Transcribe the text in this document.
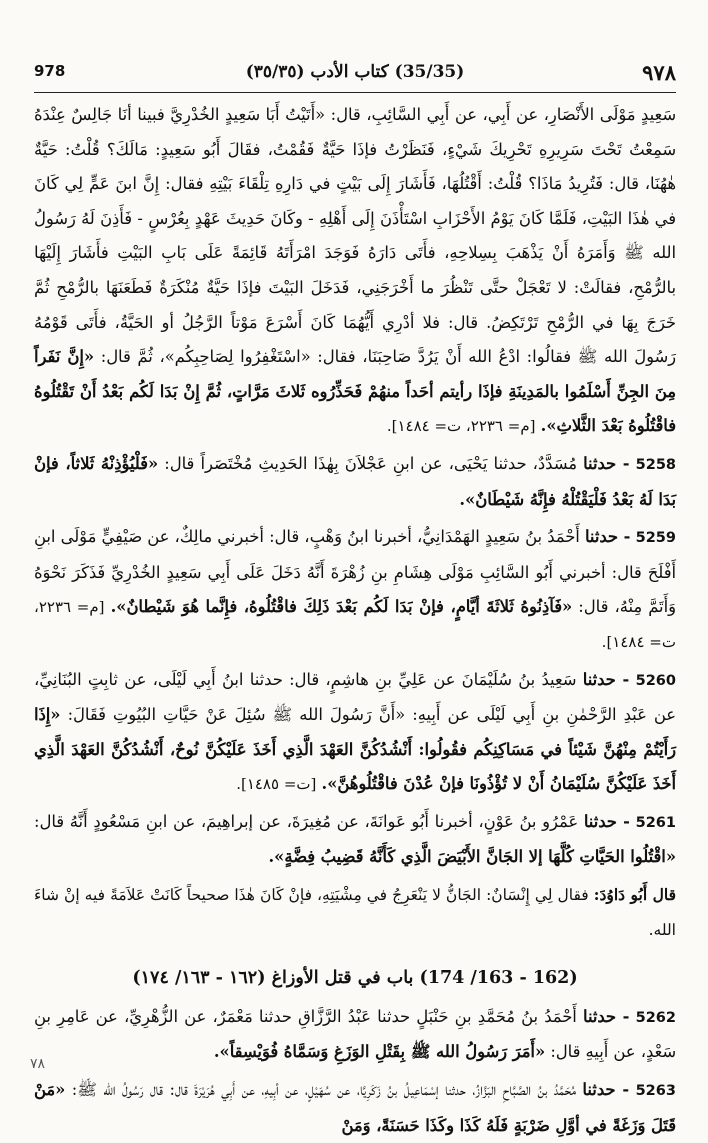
٩٧٨
(35/35) كتاب الأدب (٣٥/٣٥)
978

سَعِيدٍ مَوْلَى الأَنْصَارِ، عن أَبِي، عن أَبِي السَّائِبِ، قال: «أَتَيْتُ أَبَا سَعِيدٍ الخُدْرِيَّ فبينا أنَا جَالِسٌ عِنْدَهُ سَمِعْتُ تَحْتَ سَرِيرِهِ تَحْرِيكَ شَيْءٍ، فَنَظَرْتُ فإذَا حَيَّةٌ فَقُمْتُ، فقَالَ أَبُو سَعِيدٍ: مَالَكَ؟ قُلْتُ: حَيَّةٌ هٰهُنَا، قال: فَتُرِيدُ مَاذَا؟ قُلْتُ: أَقْتُلُهَا، فَأَشَارَ إِلَى بَيْتٍ في دَارِهِ تِلْقَاءَ بَيْتِهِ فقال: إِنَّ ابنَ عَمٍّ لِي كَانَ في هٰذَا البَيْتِ، فَلَمَّا كَانَ يَوْمُ الأَحْزَابِ اسْتَأْذَنَ إِلَى أَهْلِهِ - وكَانَ حَدِيثَ عَهْدٍ بِعُرْسٍ - فَأَذِنَ لَهُ رَسُولُ الله ﷺ وَأَمَرَهُ أَنْ يَذْهَبَ بِسِلاحِهِ، فأَتَى دَارَهُ فَوَجَدَ امْرَأَتَهُ قَائِمَةً عَلَى بَابِ البَيْتِ فأَشَارَ إِلَيْهَا بالرُّمْحِ، فقالَتْ: لا تَعْجَلْ حتَّى تَنْظُرَ ما أَخْرَجَنِي، فَدَخَلَ البَيْتَ فإذَا حَيَّةٌ مُنْكَرَةٌ فَطَعَنَهَا بالرُّمْحِ ثُمَّ خَرَجَ بِهَا في الرُّمْحِ تَرْتَكِضُ. قال: فلا أدْرِي أَيُّهُمَا كَانَ أَسْرَعَ مَوْتاً الرَّجُلُ أو الحَيَّةُ، فأَتَى قَوْمُهُ رَسُولَ الله ﷺ فقالُوا: ادْعُ الله أَنْ يَرُدَّ صَاحِبَنَا، فقال: «اسْتَغْفِرُوا لِصَاحِبِكُم»، ثُمَّ قال: «إِنَّ نَفَراً مِنَ الجِنِّ أَسْلَمُوا بالمَدِينَةِ فإذَا رأيتم أحَداً منهُمْ فَحَذِّرُوه ثَلاثَ مَرَّاتٍ، ثُمَّ إِنْ بَدَا لَكُم بَعْدُ أَنْ تَقْتُلُوهُ فاقْتُلُوهُ بَعْدَ الثَّلاثِ». [م= ٢٢٣٦، ت= ١٤٨٤].

5258 - حدثنا مُسَدَّدٌ، حدثنا يَحْيَى، عن ابنِ عَجْلاَنَ بِهٰذَا الحَدِيثِ مُخْتَصَراً قال: «فَلْيُؤْذِنْهُ ثَلاثاً، فإنْ بَدَا لَهُ بَعْدُ فَلْيَقْتُلْهُ فإِنَّهُ شَيْطَانٌ».

5259 - حدثنا أَحْمَدُ بنُ سَعِيدٍ الهَمْدَانِيُّ، أخبرنا ابنُ وَهْبٍ، قال: أخبرني مالِكٌ، عن صَيْفِيٍّ مَوْلَى ابنِ أَفْلَحَ قال: أخبرني أَبُو السَّائِبِ مَوْلَى هِشَامِ بنِ زُهْرَةَ أَنَّهُ دَخَلَ عَلَى أَبِي سَعِيدٍ الخُدْرِيِّ فَذَكَرَ نَحْوَهُ وَأَتَمَّ مِنْهُ، قال: «فَآذِنُوهُ ثَلاثَةَ أيَّامٍ، فإنْ بَدَا لَكُم بَعْدَ ذَلِكَ فاقْتُلُوهُ، فإِنَّما هُوَ شَيْطانٌ». [م= ٢٢٣٦، ت= ١٤٨٤].

5260 - حدثنا سَعِيدُ بنُ سُلَيْمَانَ عن عَلِيِّ بنِ هاشِمٍ، قال: حدثنا ابنُ أَبِي لَيْلَى، عن ثابِتٍ البُنَانِيِّ، عن عَبْدِ الرَّحْمٰنِ بنِ أَبِي لَيْلَى عن أَبِيهِ: «أَنَّ رَسُولَ الله ﷺ سُئِلَ عَنْ حَيَّاتِ البُيُوتِ فَقَالَ: «إِذَا رَأَيْتُمْ مِنْهُنَّ شَيْئاً في مَسَاكِنِكُم فقُولُوا: أَنْشُدُكُنَّ العَهْدَ الَّذِي أَخَذَ عَلَيْكُنَّ نُوحٌ، أَنْشُدُكُنَّ العَهْدَ الَّذِي أَخَذَ عَلَيْكُنَّ سُلَيْمَانُ أَنْ لا تُؤْذُونَا فإنْ عُدْنَ فاقْتُلُوهُنَّ». [ت= ١٤٨٥].

5261 - حدثنا عَمْرُو بنُ عَوْنٍ، أخبرنا أَبُو عَوانَةَ، عن مُغِيرَةَ، عن إبراهِيمَ، عن ابنِ مَسْعُودٍ أَنَّهُ قال: «اقْتُلُوا الحَيَّاتِ كُلَّهَا إلا الجَانَّ الأَبْيَضَ الَّذِي كَأَنَّهُ قَضِيبُ فِضَّةٍ».

قال أَبُو دَاوُدَ: فقال لِي إِنْسَانٌ: الجَانُّ لا يَنْعَرِجُ في مِشْيَتِهِ، فإنْ كَانَ هٰذَا صحيحاً كَانَتْ عَلاَمَةً فيه إنْ شاءَ الله.

(162 - 163/ 174) باب في قتل الأوزاغ (١٦٢ - ١٦٣/ ١٧٤)

5262 - حدثنا أَحْمَدُ بنُ مُحَمَّدِ بنِ حَنْبَلٍ حدثنا عَبْدُ الرَّزَّاقِ حدثنا مَعْمَرٌ، عن الزُّهْرِيِّ، عن عَامِرِ بنِ سَعْدٍ، عن أَبِيهِ قال: «أَمَرَ رَسُولُ الله ﷺ بِقَتْلِ الوَزَغِ وَسَمَّاهُ فُوَيْسِقاً».

5263 - حدثنا مُحَمَّدُ بنُ الصَّبَّاحِ البَزَّازُ، حدثنا إسْمَاعِيلُ بنُ زَكَرِيَّا، عن سُهَيْلٍ، عن أبِيهِ، عن أَبِي هُرَيْرَةَ قال: قال رَسُولُ الله ﷺ: «مَنْ قَتَلَ وَزَغَةً في أوَّلِ ضَرْبَةٍ فَلَهُ كَذَا وكَذَا حَسَنَةً، وَمَنْ

٧٨
